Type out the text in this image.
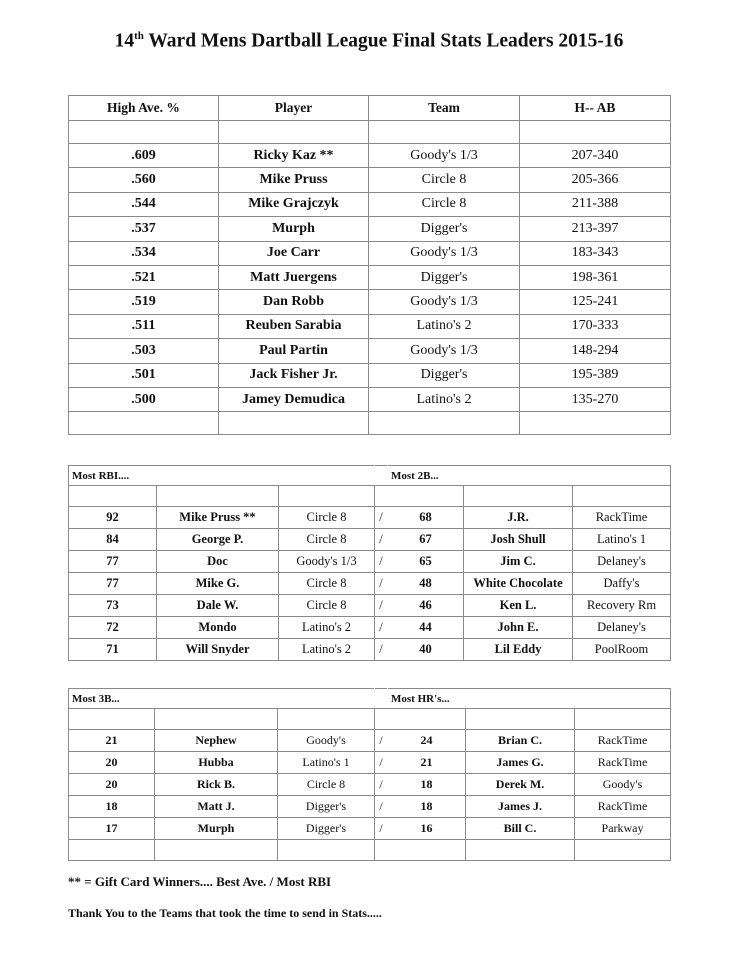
14th Ward Mens Dartball League Final Stats Leaders 2015-16
High Ave. %	Player	Team	H-- AB

.609	Ricky Kaz **	Goody's 1/3	207-340
.560	Mike Pruss	Circle 8	205-366
.544	Mike Grajczyk	Circle 8	211-388
.537	Murph	Digger's	213-397
.534	Joe Carr	Goody's 1/3	183-343
.521	Matt Juergens	Digger's	198-361
.519	Dan Robb	Goody's 1/3	125-241
.511	Reuben Sarabia	Latino's 2	170-333
.503	Paul Partin	Goody's 1/3	148-294
.501	Jack Fisher Jr.	Digger's	195-389
.500	Jamey Demudica	Latino's 2	135-270

Most RBI....				Most 2B...		

92	Mike Pruss **	Circle 8	/	68	J.R.	RackTime
84	George P.	Circle 8	/	67	Josh Shull	Latino's 1
77	Doc	Goody's 1/3	/	65	Jim C.	Delaney's
77	Mike G.	Circle 8	/	48	White Chocolate	Daffy's
73	Dale W.	Circle 8	/	46	Ken L.	Recovery Rm
72	Mondo	Latino's 2	/	44	John E.	Delaney's
71	Will Snyder	Latino's 2	/	40	Lil Eddy	PoolRoom
Most 3B...				Most HR's...		

21	Nephew	Goody's	/	24	Brian C.	RackTime
20	Hubba	Latino's 1	/	21	James G.	RackTime
20	Rick B.	Circle 8	/	18	Derek M.	Goody's
18	Matt J.	Digger's	/	18	James J.	RackTime
17	Murph	Digger's	/	16	Bill C.	Parkway

** = Gift Card Winners.... Best Ave. / Most RBI
Thank You to the Teams that took the time to send in Stats.....
